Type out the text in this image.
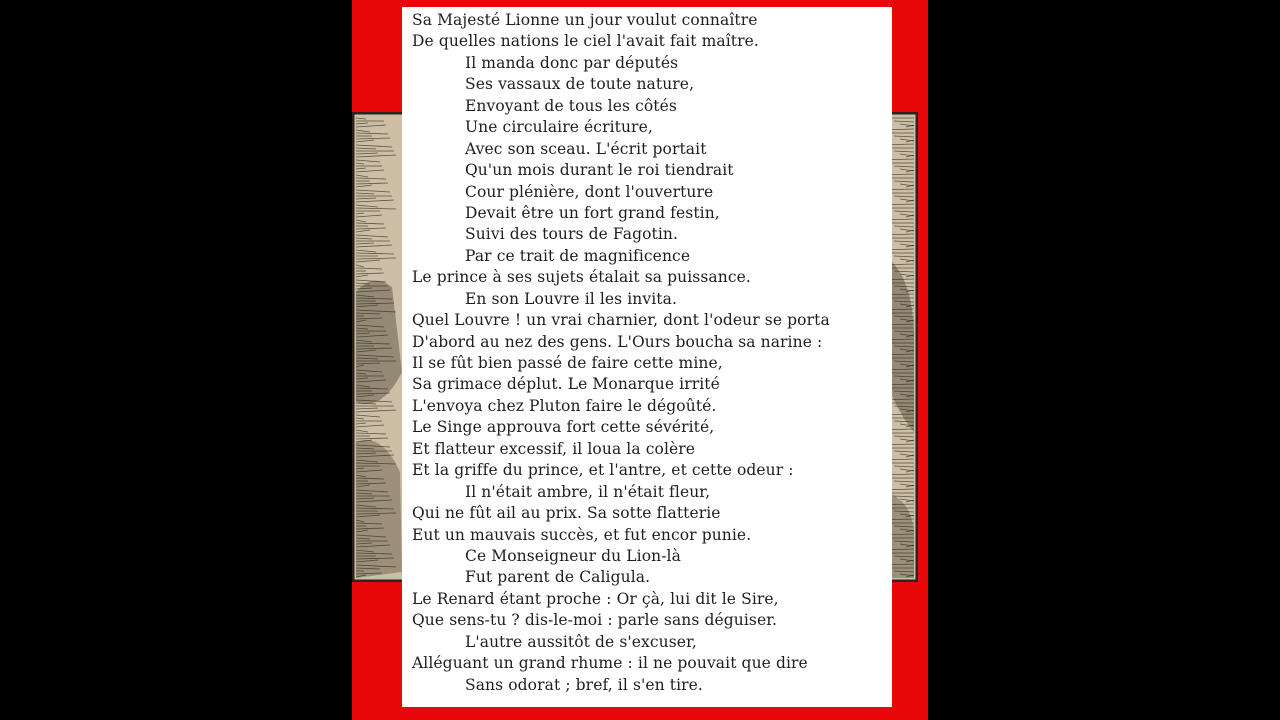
Sa Majesté Lionne un jour voulut connaître
De quelles nations le ciel l'avait fait maître.
Il manda donc par députés
Ses vassaux de toute nature,
Envoyant de tous les côtés
Une circulaire écriture,
Avec son sceau. L'écrit portait
Qu'un mois durant le roi tiendrait
Cour plénière, dont l'ouverture
Devait être un fort grand festin,
Suivi des tours de Fagotin.
Par ce trait de magnificence
Le prince à ses sujets étalait sa puissance.
En son Louvre il les invita.
Quel Louvre ! un vrai charnier, dont l'odeur se porta
D'abord au nez des gens. L'Ours boucha sa narine :
Il se fût bien passé de faire cette mine,
Sa grimace déplut. Le Monarque irrité
L'envoya chez Pluton faire le dégoûté.
Le Singe approuva fort cette sévérité,
Et flatteur excessif, il loua la colère
Et la griffe du prince, et l'antre, et cette odeur :
Il n'était ambre, il n'était fleur,
Qui ne fût ail au prix. Sa sotte flatterie
Eut un mauvais succès, et fut encor punie.
Ce Monseigneur du Lion-là
Fut parent de Caligula.
Le Renard étant proche : Or çà, lui dit le Sire,
Que sens-tu ? dis-le-moi : parle sans déguiser.
L'autre aussitôt de s'excuser,
Alléguant un grand rhume : il ne pouvait que dire
Sans odorat ; bref, il s'en tire.
